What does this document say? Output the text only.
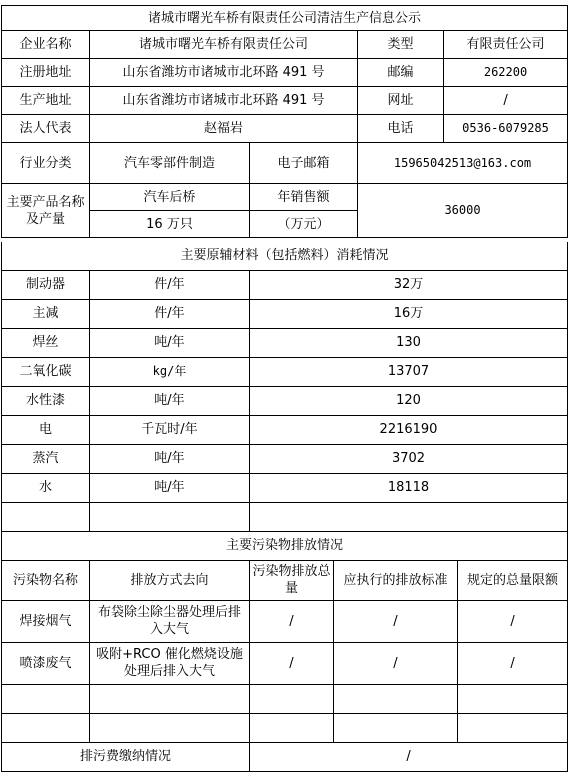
诸城市曙光车桥有限责任公司清洁生产信息公示				
企业名称	诸城市曙光车桥有限责任公司		类型	有限责任公司
注册地址	山东省潍坊市诸城市北环路 491 号		邮编	262200
生产地址	山东省潍坊市诸城市北环路 491 号		网址	/
法人代表	赵福岩		电话	0536-6079285
行业分类	汽车零部件制造	电子邮箱	15965042513@163.com	
主要产品名称及产量	汽车后桥	年销售额	36000	
	16 万只	（万元）		
主要原辅材料（包括燃料）消耗情况		
制动器	件/年	32万
主减	件/年	16万
焊丝	吨/年	130
二氧化碳	kg/年	13707
水性漆	吨/年	120
电	千瓦时/年	2216190
蒸汽	吨/年	3702
水	吨/年	18118

主要污染物排放情况				
污染物名称	排放方式去向	污染物排放总量	应执行的排放标准	规定的总量限额
焊接烟气	布袋除尘除尘器处理后排入大气	/	/	/
喷漆废气	吸附+RCO 催化燃烧设施处理后排入大气	/	/	/

排污费缴纳情况		/		
